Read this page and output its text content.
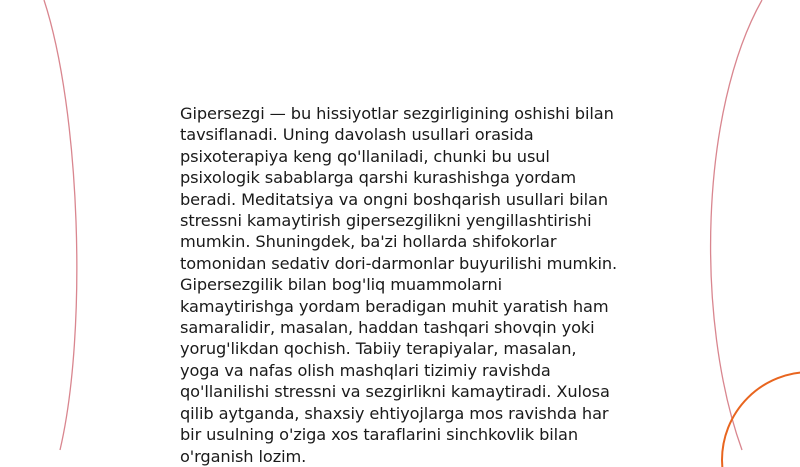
Gipersezgi — bu hissiyotlar sezgirligining oshishi bilan tavsiflanadi. Uning davolash usullari orasida psixoterapiya keng qo'llaniladi, chunki bu usul psixologik sabablarga qarshi kurashishga yordam beradi. Meditatsiya va ongni boshqarish usullari bilan stressni kamaytirish gipersezgilikni yengillashtirishi mumkin. Shuningdek, ba'zi hollarda shifokorlar tomonidan sedativ dori-darmonlar buyurilishi mumkin. Gipersezgilik bilan bog'liq muammolarni kamaytirishga yordam beradigan muhit yaratish ham samaralidir, masalan, haddan tashqari shovqin yoki yorug'likdan qochish. Tabiiy terapiyalar, masalan, yoga va nafas olish mashqlari tizimiy ravishda qo'llanilishi stressni va sezgirlikni kamaytiradi. Xulosa qilib aytganda, shaxsiy ehtiyojlarga mos ravishda har bir usulning o'ziga xos taraflarini sinchkovlik bilan o'rganish lozim.
